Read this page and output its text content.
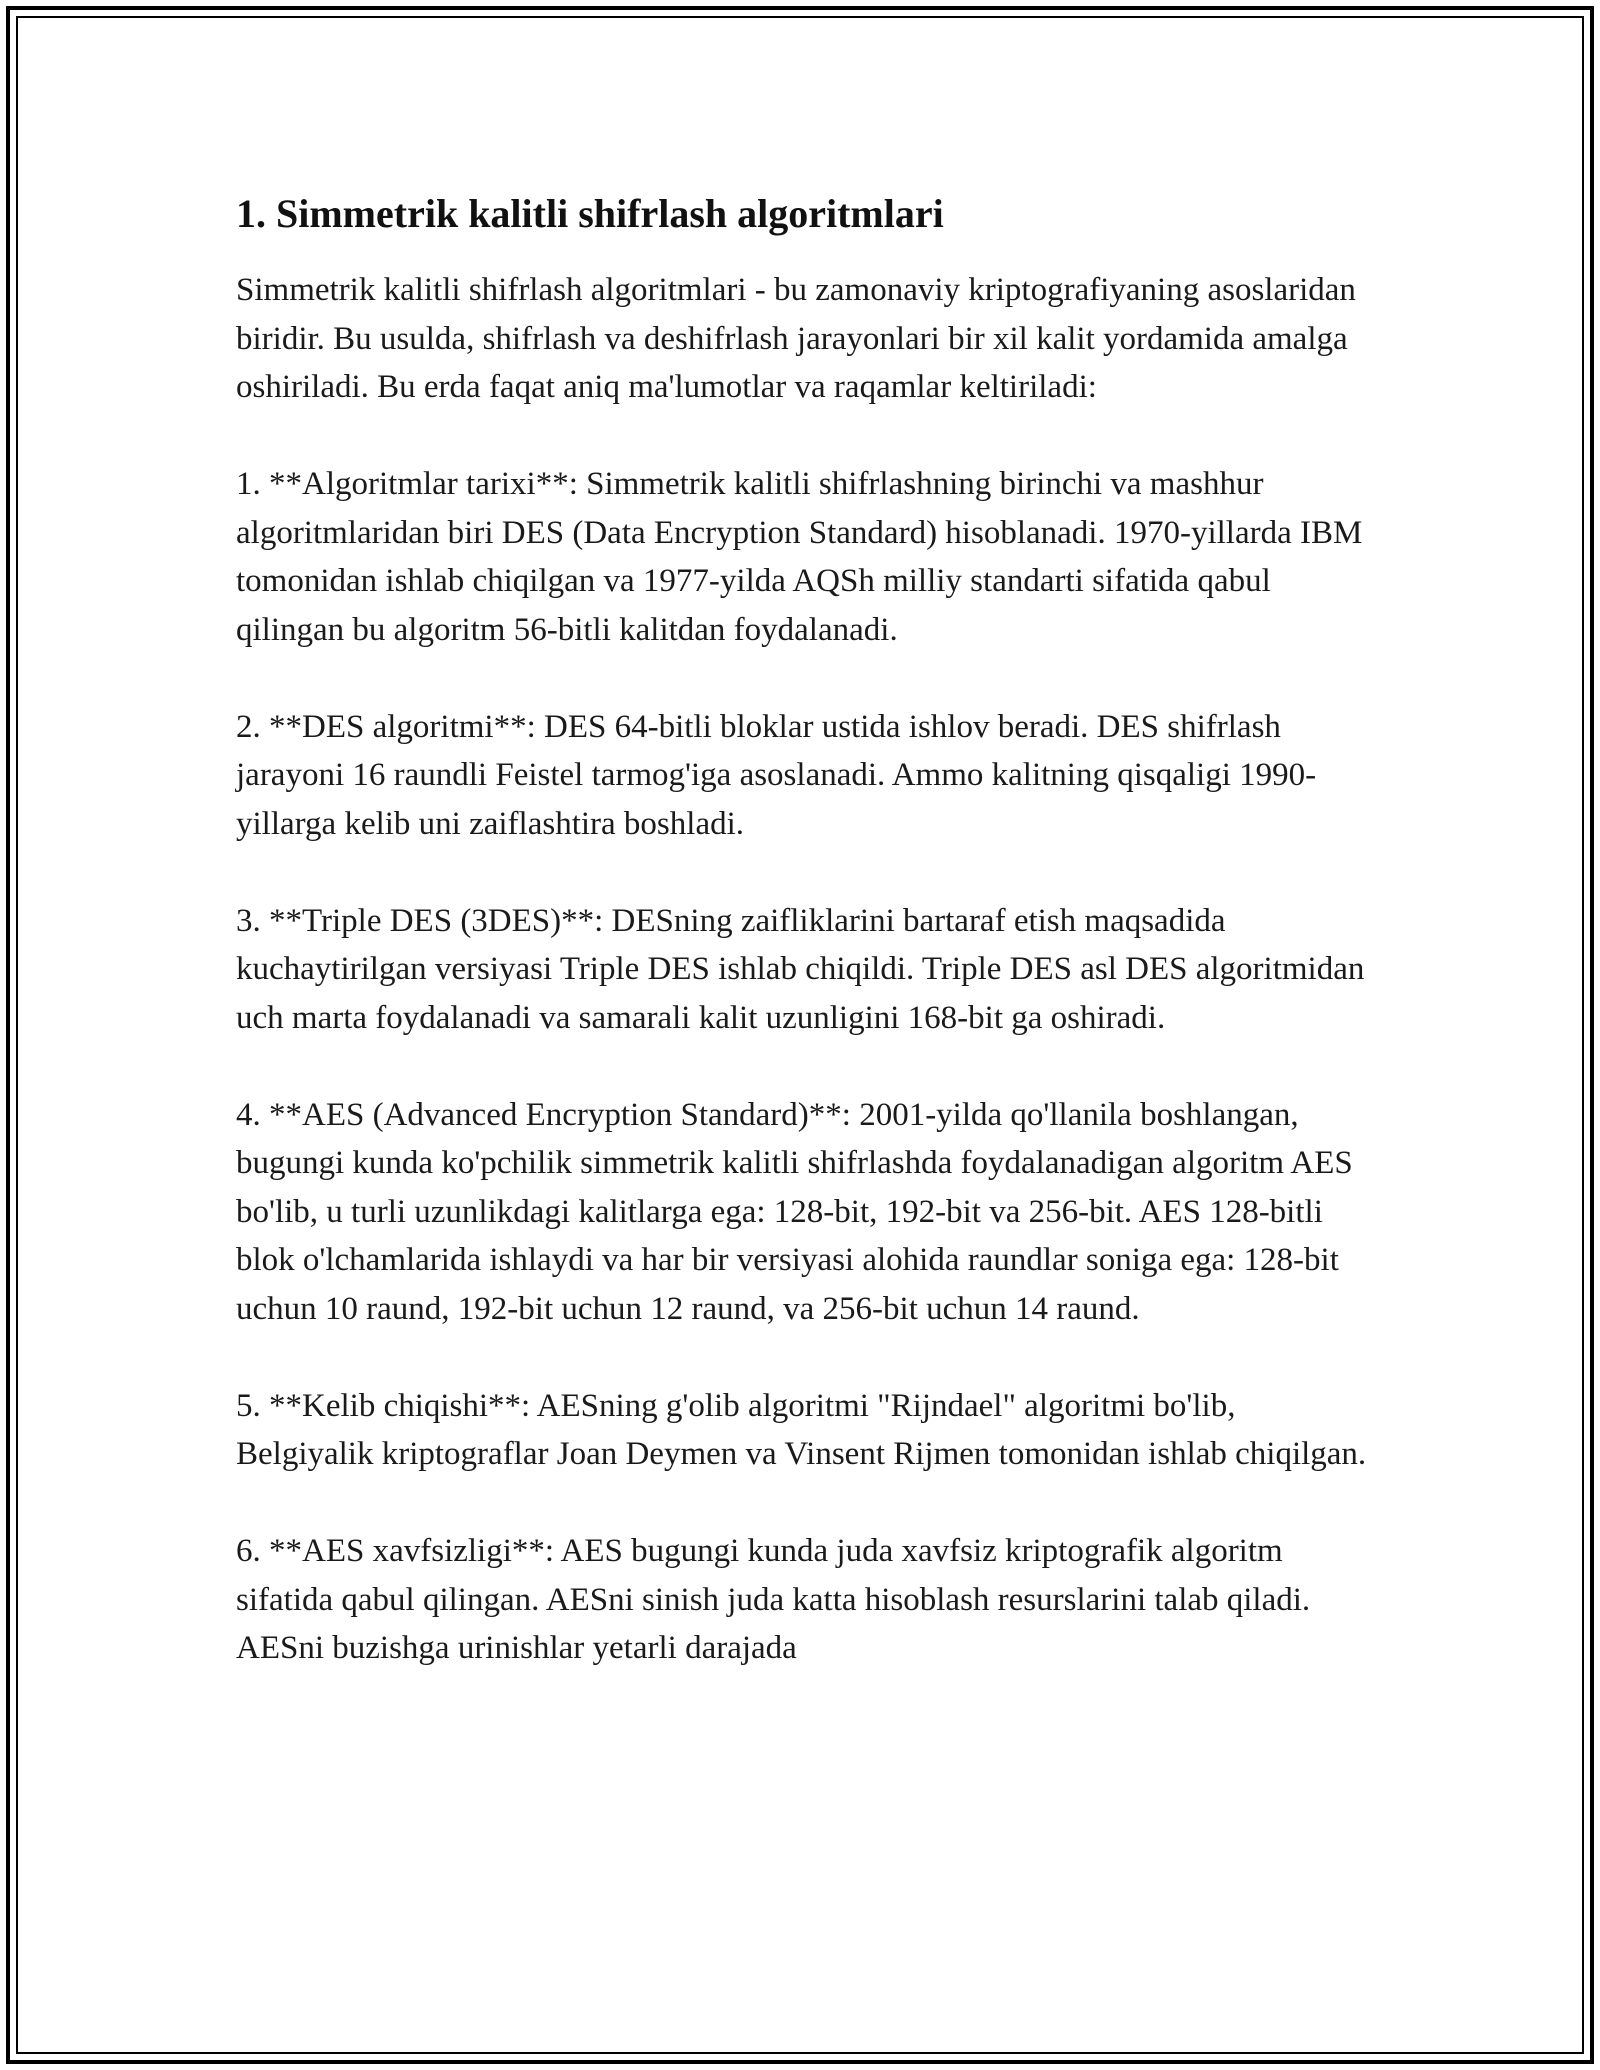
1. Simmetrik kalitli shifrlash algoritmlari

Simmetrik kalitli shifrlash algoritmlari - bu zamonaviy kriptografiyaning asoslaridan biridir. Bu usulda, shifrlash va deshifrlash jarayonlari bir xil kalit yordamida amalga oshiriladi. Bu erda faqat aniq ma'lumotlar va raqamlar keltiriladi:

1. **Algoritmlar tarixi**: Simmetrik kalitli shifrlashning birinchi va mashhur algoritmlaridan biri DES (Data Encryption Standard) hisoblanadi. 1970-yillarda IBM tomonidan ishlab chiqilgan va 1977-yilda AQSh milliy standarti sifatida qabul qilingan bu algoritm 56-bitli kalitdan foydalanadi.

2. **DES algoritmi**: DES 64-bitli bloklar ustida ishlov beradi. DES shifrlash jarayoni 16 raundli Feistel tarmog'iga asoslanadi. Ammo kalitning qisqaligi 1990-yillarga kelib uni zaiflashtira boshladi.

3. **Triple DES (3DES)**: DESning zaifliklarini bartaraf etish maqsadida kuchaytirilgan versiyasi Triple DES ishlab chiqildi. Triple DES asl DES algoritmidan uch marta foydalanadi va samarali kalit uzunligini 168-bit ga oshiradi.

4. **AES (Advanced Encryption Standard)**: 2001-yilda qo'llanila boshlangan, bugungi kunda ko'pchilik simmetrik kalitli shifrlashda foydalanadigan algoritm AES bo'lib, u turli uzunlikdagi kalitlarga ega: 128-bit, 192-bit va 256-bit. AES 128-bitli blok o'lchamlarida ishlaydi va har bir versiyasi alohida raundlar soniga ega: 128-bit uchun 10 raund, 192-bit uchun 12 raund, va 256-bit uchun 14 raund.

5. **Kelib chiqishi**: AESning g'olib algoritmi "Rijndael" algoritmi bo'lib, Belgiyalik kriptograflar Joan Deymen va Vinsent Rijmen tomonidan ishlab chiqilgan.

6. **AES xavfsizligi**: AES bugungi kunda juda xavfsiz kriptografik algoritm sifatida qabul qilingan. AESni sinish juda katta hisoblash resurslarini talab qiladi. AESni buzishga urinishlar yetarli darajada
